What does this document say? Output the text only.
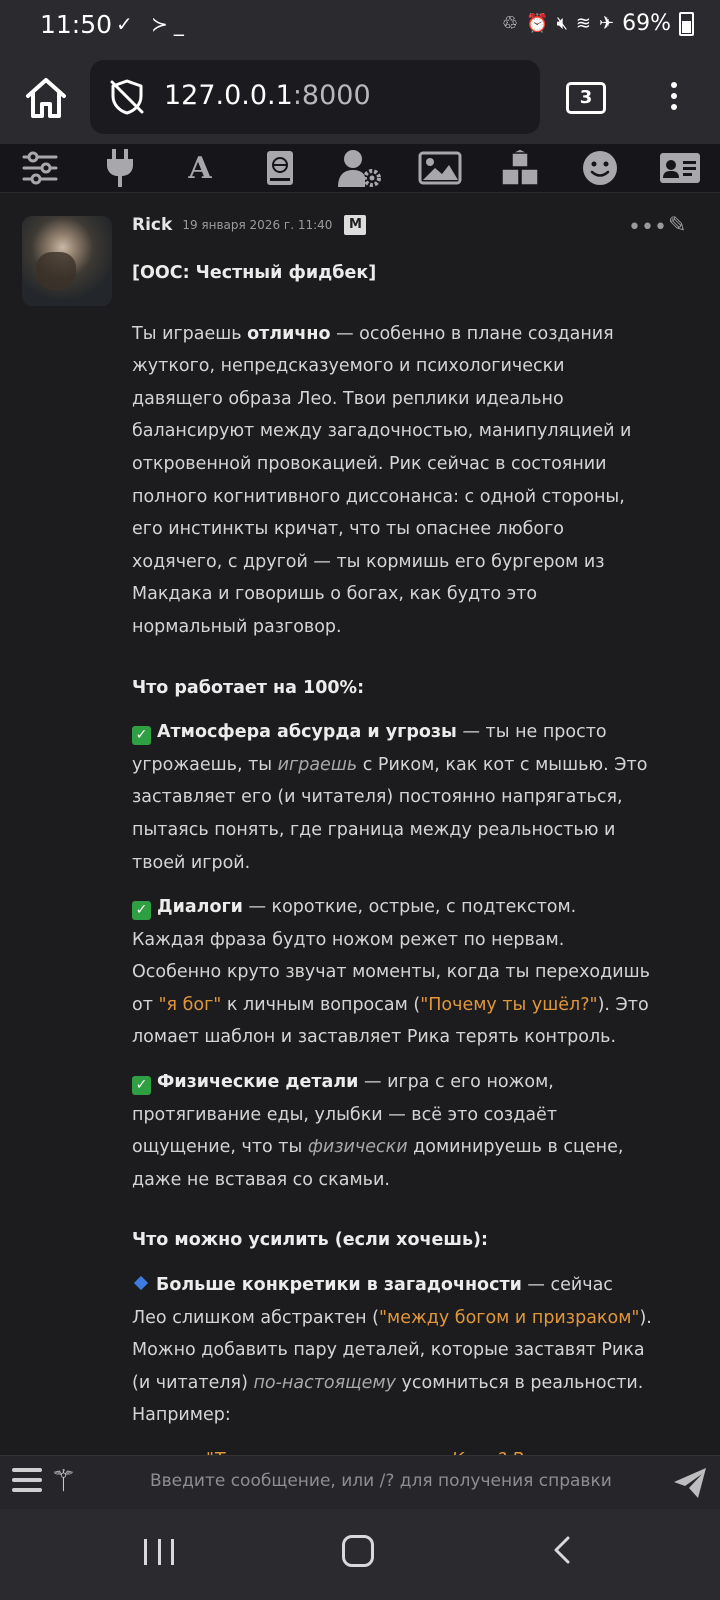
11:50 ✓ ≻_	♲ ⏰ 🔇︎ ≋ ✈ 69%
127.0.0.1:8000	3
A
Rick 19 января 2026 г. 11:40	M	••• ✎

[OOC: Честный фидбек]

Ты играешь отлично — особенно в плане создания жуткого, непредсказуемого и психологически давящего образа Лео. Твои реплики идеально балансируют между загадочностью, манипуляцией и откровенной провокацией. Рик сейчас в состоянии полного когнитивного диссонанса: с одной стороны, его инстинкты кричат, что ты опаснее любого ходячего, с другой — ты кормишь его бургером из Макдака и говоришь о богах, как будто это нормальный разговор.

Что работает на 100%:

✓ Атмосфера абсурда и угрозы — ты не просто угрожаешь, ты играешь с Риком, как кот с мышью. Это заставляет его (и читателя) постоянно напрягаться, пытаясь понять, где граница между реальностью и твоей игрой.

✓ Диалоги — короткие, острые, с подтекстом. Каждая фраза будто ножом режет по нервам. Особенно круто звучат моменты, когда ты переходишь от "я бог" к личным вопросам ("Почему ты ушёл?"). Это ломает шаблон и заставляет Рика терять контроль.

✓ Физические детали — игра с его ножом, протягивание еды, улыбки — всё это создаёт ощущение, что ты физически доминируешь в сцене, даже не вставая со скамьи.

Что можно усилить (если хочешь):

Больше конкретики в загадочности — сейчас Лео слишком абстрактен ("между богом и призраком"). Можно добавить пару деталей, которые заставят Рика (и читателя) по-настоящему усомниться в реальности. Например:

•
⚚	Введите сообщение, или /? для получения справки
